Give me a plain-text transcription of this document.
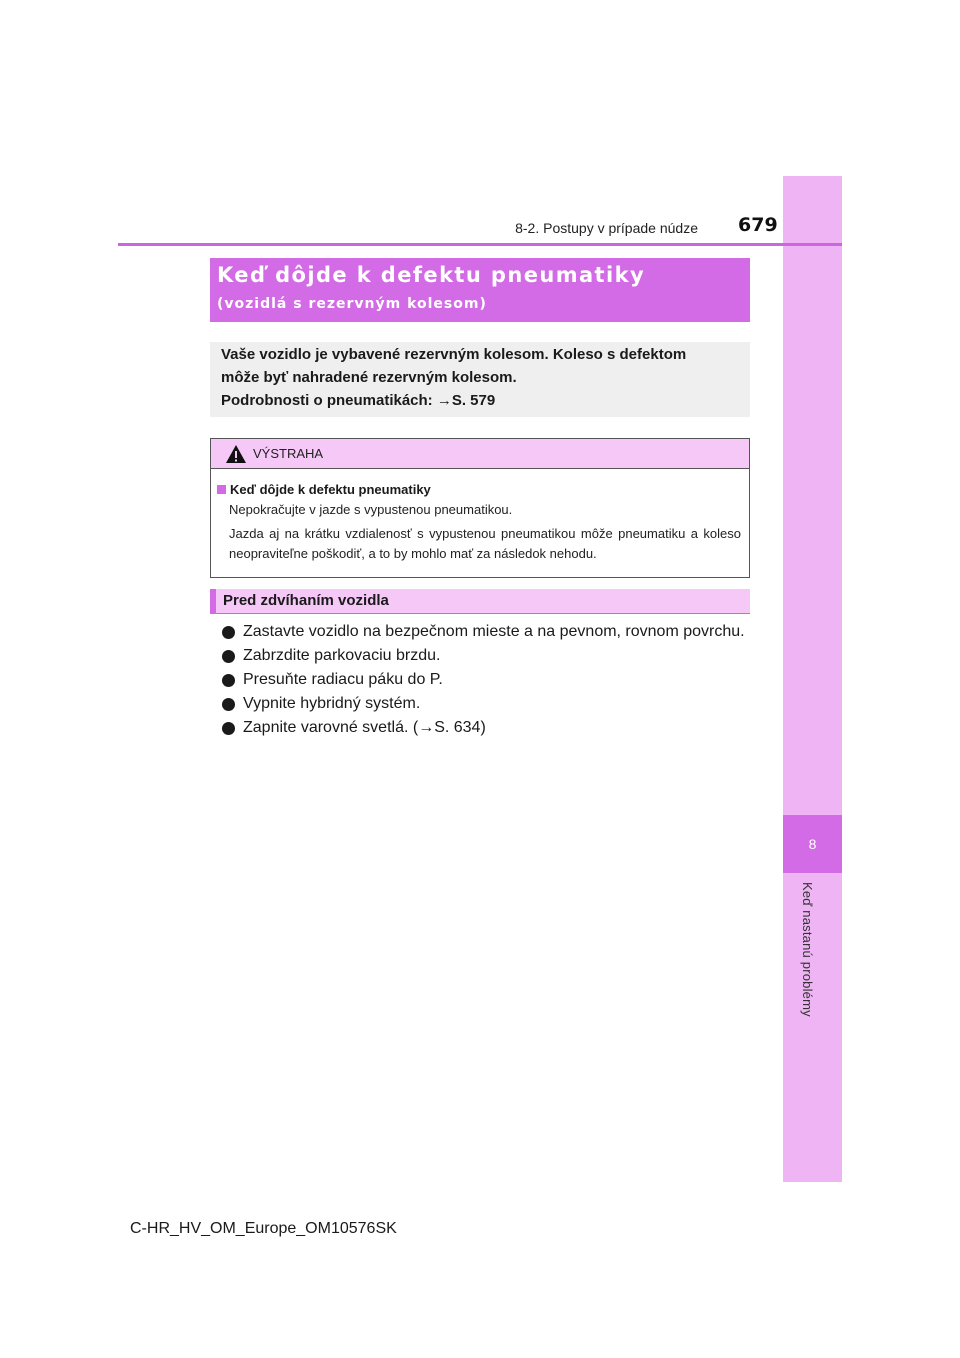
8
Keď nastanú problémy
8-2. Postupy v prípade núdze 679
Keď dôjde k defektu pneumatiky
(vozidlá s rezervným kolesom)
Vaše vozidlo je vybavené rezervným kolesom. Koleso s defektom
môže byť nahradené rezervným kolesom.
Podrobnosti o pneumatikách: →S. 579
VÝSTRAHA
Keď dôjde k defektu pneumatiky
Nepokračujte v jazde s vypustenou pneumatikou.
Jazda aj na krátku vzdialenosť s vypustenou pneumatikou môže pneumatiku a koleso neopraviteľne poškodiť, a to by mohlo mať za následok nehodu.
Pred zdvíhaním vozidla
Zastavte vozidlo na bezpečnom mieste a na pevnom, rovnom povrchu.
Zabrzdite parkovaciu brzdu.
Presuňte radiacu páku do P.
Vypnite hybridný systém.
Zapnite varovné svetlá. (→S. 634)
C-HR_HV_OM_Europe_OM10576SK
